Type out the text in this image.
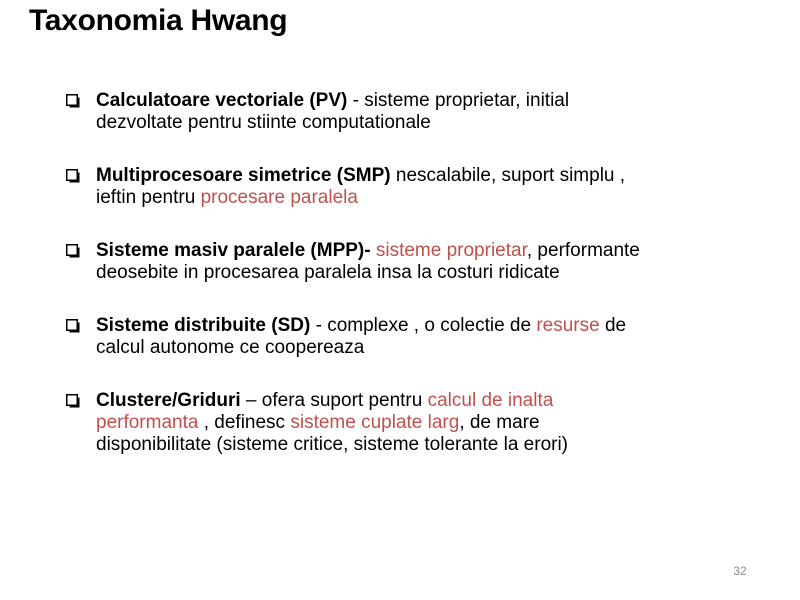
Taxonomia Hwang
Calculatoare vectoriale (PV) - sisteme proprietar, initial
dezvoltate pentru stiinte computationale
Multiprocesoare simetrice (SMP) nescalabile, suport simplu ,
ieftin pentru procesare paralela
Sisteme masiv paralele (MPP)- sisteme proprietar, performante
deosebite in procesarea paralela insa la costuri ridicate
Sisteme distribuite (SD) - complexe , o colectie de resurse de
calcul autonome ce coopereaza
Clustere/Griduri – ofera suport pentru calcul de inalta
performanta , definesc sisteme cuplate larg, de mare
disponibilitate (sisteme critice, sisteme tolerante la erori)
32
